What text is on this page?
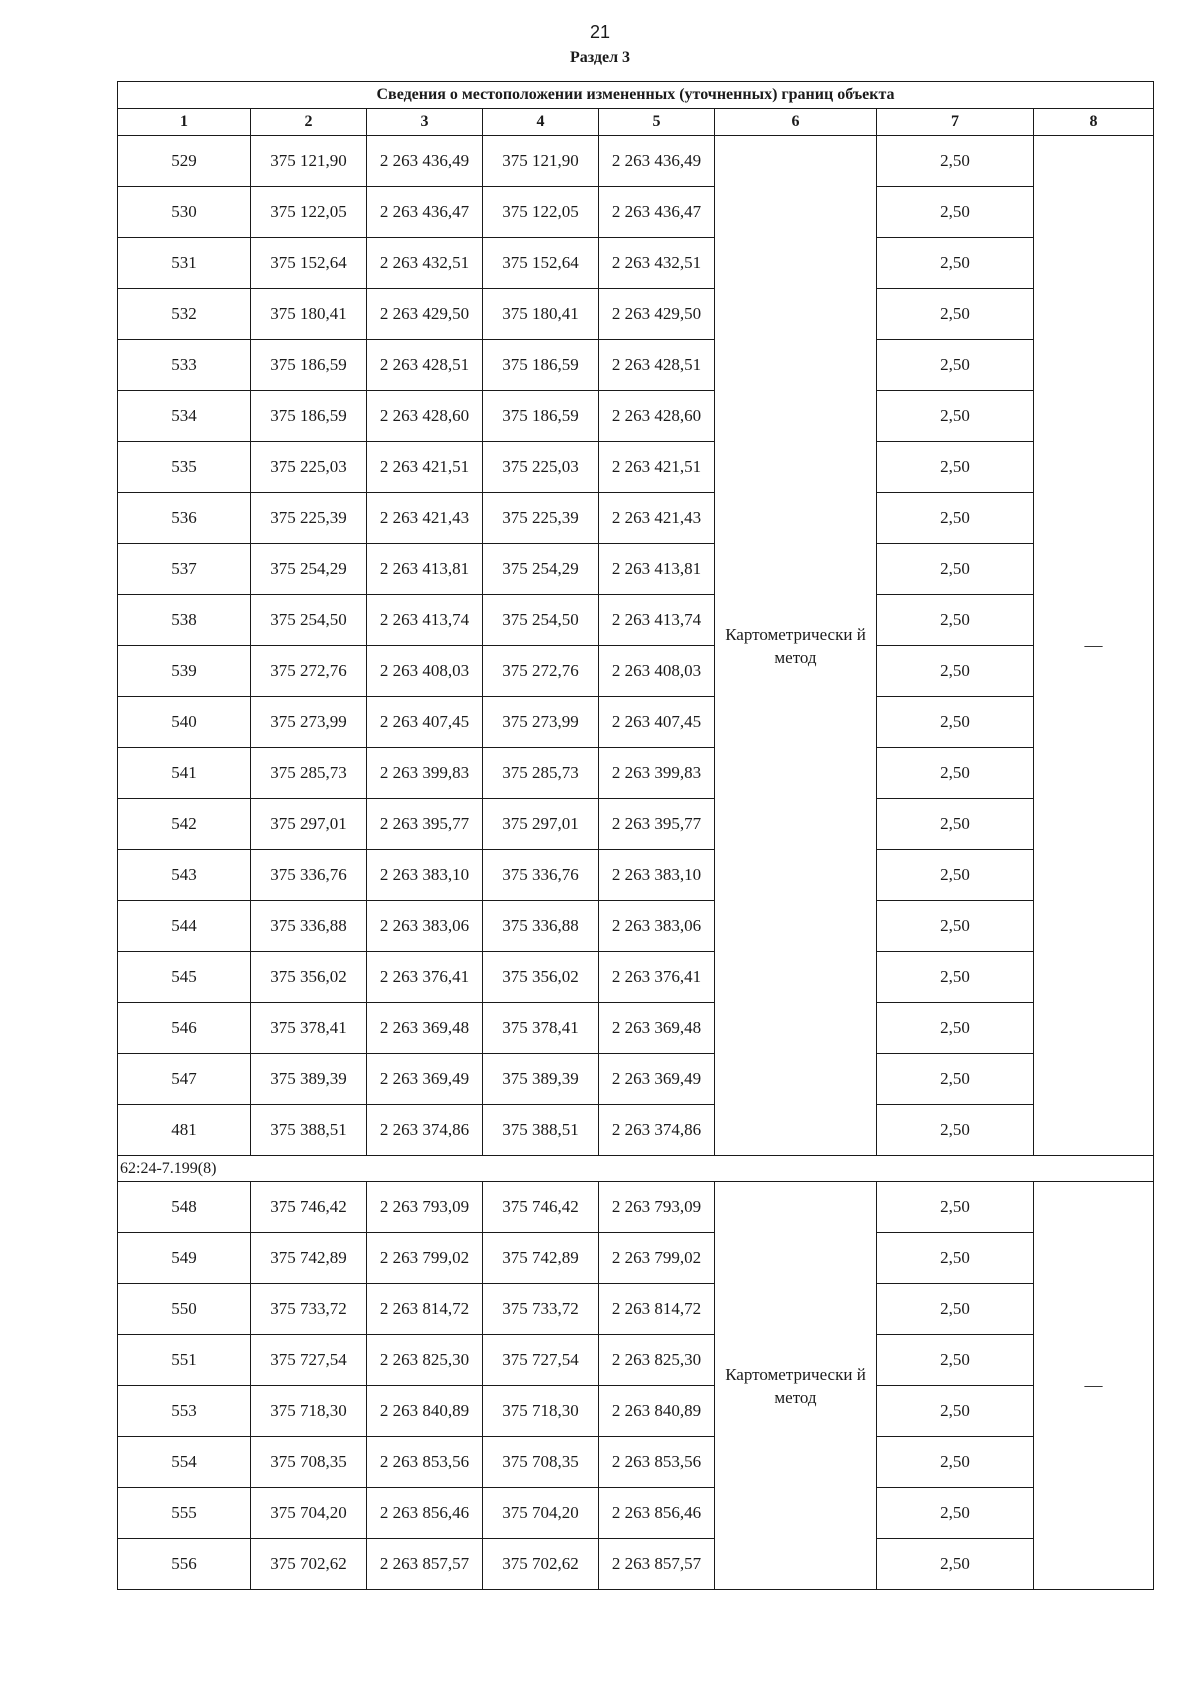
21
Раздел 3
Сведения о местоположении измененных (уточненных) границ объекта							
1	2	3	4	5	6	7	8
529	375 121,90	2 263 436,49	375 121,90	2 263 436,49	Картометрически й метод	2,50	—
530	375 122,05	2 263 436,47	375 122,05	2 263 436,47		2,50	
531	375 152,64	2 263 432,51	375 152,64	2 263 432,51		2,50	
532	375 180,41	2 263 429,50	375 180,41	2 263 429,50		2,50	
533	375 186,59	2 263 428,51	375 186,59	2 263 428,51		2,50	
534	375 186,59	2 263 428,60	375 186,59	2 263 428,60		2,50	
535	375 225,03	2 263 421,51	375 225,03	2 263 421,51		2,50	
536	375 225,39	2 263 421,43	375 225,39	2 263 421,43		2,50	
537	375 254,29	2 263 413,81	375 254,29	2 263 413,81		2,50	
538	375 254,50	2 263 413,74	375 254,50	2 263 413,74		2,50	
539	375 272,76	2 263 408,03	375 272,76	2 263 408,03		2,50	
540	375 273,99	2 263 407,45	375 273,99	2 263 407,45		2,50	
541	375 285,73	2 263 399,83	375 285,73	2 263 399,83		2,50	
542	375 297,01	2 263 395,77	375 297,01	2 263 395,77		2,50	
543	375 336,76	2 263 383,10	375 336,76	2 263 383,10		2,50	
544	375 336,88	2 263 383,06	375 336,88	2 263 383,06		2,50	
545	375 356,02	2 263 376,41	375 356,02	2 263 376,41		2,50	
546	375 378,41	2 263 369,48	375 378,41	2 263 369,48		2,50	
547	375 389,39	2 263 369,49	375 389,39	2 263 369,49		2,50	
481	375 388,51	2 263 374,86	375 388,51	2 263 374,86		2,50	
62:24-7.199(8)							
548	375 746,42	2 263 793,09	375 746,42	2 263 793,09	Картометрически й метод	2,50	—
549	375 742,89	2 263 799,02	375 742,89	2 263 799,02		2,50	
550	375 733,72	2 263 814,72	375 733,72	2 263 814,72		2,50	
551	375 727,54	2 263 825,30	375 727,54	2 263 825,30		2,50	
553	375 718,30	2 263 840,89	375 718,30	2 263 840,89		2,50	
554	375 708,35	2 263 853,56	375 708,35	2 263 853,56		2,50	
555	375 704,20	2 263 856,46	375 704,20	2 263 856,46		2,50	
556	375 702,62	2 263 857,57	375 702,62	2 263 857,57		2,50	
